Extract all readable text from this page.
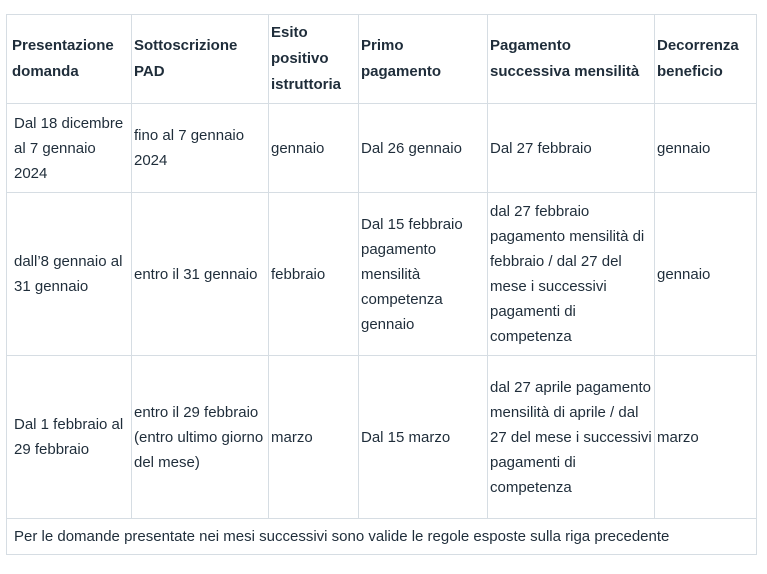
Presentazione domanda	Sottoscrizione PAD	Esito positivo istruttoria	Primo pagamento	Pagamento successiva mensilità	Decorrenza beneficio
Dal 18 dicembre al 7 gennaio 2024	fino al 7 gennaio 2024	gennaio	Dal 26 gennaio	Dal 27 febbraio	gennaio
dall’8 gennaio al 31 gennaio	entro il 31 gennaio	febbraio	Dal 15 febbraio pagamento mensilità competenza gennaio	dal 27 febbraio pagamento mensilità di febbraio / dal 27 del mese i successivi pagamenti di competenza	gennaio
Dal 1 febbraio al 29 febbraio	entro il 29 febbraio (entro ultimo giorno del mese)	marzo	Dal 15 marzo	dal 27 aprile pagamento mensilità di aprile / dal 27 del mese i successivi pagamenti di competenza	marzo
Per le domande presentate nei mesi successivi sono valide le regole esposte sulla riga precedente					
